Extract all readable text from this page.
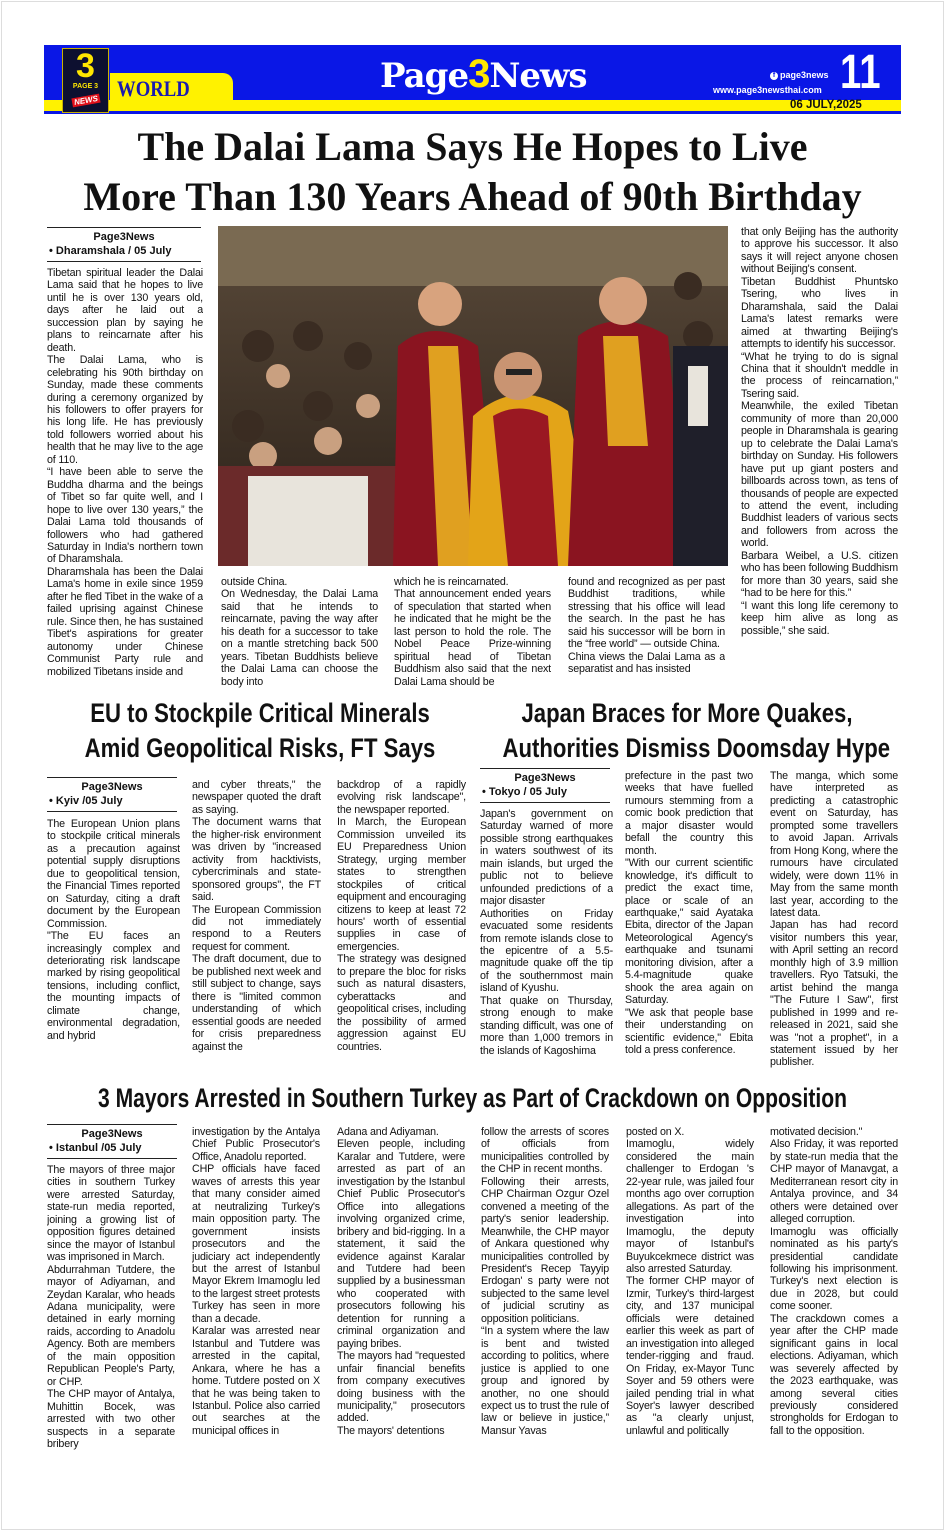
WORLD
3
PAGE 3
NEWS
Page3News	f page3news
www.page3newsthai.com 11
06 JULY,2025
The Dalai Lama Says He Hopes to Live
More Than 130 Years Ahead of 90th Birthday
Page3News
• Dharamshala / 05 July

Tibetan spiritual leader the Dalai Lama said that he hopes to live until he is over 130 years old, days after he laid out a succession plan by saying he plans to reincarnate after his death.

The Dalai Lama, who is celebrating his 90th birthday on Sunday, made these comments during a ceremony organized by his followers to offer prayers for his long life. He has previously told followers worried about his health that he may live to the age of 110.

“I have been able to serve the Buddha dharma and the beings of Tibet so far quite well, and I hope to live over 130 years,” the Dalai Lama told thousands of followers who had gathered Saturday in India's northern town of Dharamshala.

Dharamshala has been the Dalai Lama's home in exile since 1959 after he fled Tibet in the wake of a failed uprising against Chinese rule. Since then, he has sustained Tibet's aspirations for greater autonomy under Chinese Communist Party rule and mobilized Tibetans inside and

outside China.

On Wednesday, the Dalai Lama said that he intends to reincarnate, paving the way after his death for a successor to take on a mantle stretching back 500 years. Tibetan Buddhists believe the Dalai Lama can choose the body into

which he is reincarnated.

That announcement ended years of speculation that started when he indicated that he might be the last person to hold the role. The Nobel Peace Prize-winning spiritual head of Tibetan Buddhism also said that the next Dalai Lama should be

found and recognized as per past Buddhist traditions, while stressing that his office will lead the search. In the past he has said his successor will be born in the “free world” — outside China.

China views the Dalai Lama as a separatist and has insisted

that only Beijing has the authority to approve his successor. It also says it will reject anyone chosen without Beijing's consent.

Tibetan Buddhist Phuntsko Tsering, who lives in Dharamshala, said the Dalai Lama's latest remarks were aimed at thwarting Beijing's attempts to identify his successor.

“What he trying to do is signal China that it shouldn't meddle in the process of reincarnation,” Tsering said.

Meanwhile, the exiled Tibetan community of more than 20,000 people in Dharamshala is gearing up to celebrate the Dalai Lama's birthday on Sunday. His followers have put up giant posters and billboards across town, as tens of thousands of people are expected to attend the event, including Buddhist leaders of various sects and followers from across the world.

Barbara Weibel, a U.S. citizen who has been following Buddhism for more than 30 years, said she “had to be here for this.”

“I want this long life ceremony to keep him alive as long as possible,” she said.

EU to Stockpile Critical Minerals
Amid Geopolitical Risks, FT Says
Page3News
• Kyiv /05 July

The European Union plans to stockpile critical minerals as a precaution against potential supply disruptions due to geopolitical tension, the Financial Times reported on Saturday, citing a draft document by the European Commission.

"The EU faces an increasingly complex and deteriorating risk landscape marked by rising geopolitical tensions, including conflict, the mounting impacts of climate change, environmental degradation, and hybrid

and cyber threats," the newspaper quoted the draft as saying.

The document warns that the higher-risk environment was driven by "increased activity from hacktivists, cybercriminals and state-sponsored groups", the FT said.

The European Commission did not immediately respond to a Reuters request for comment.

The draft document, due to be published next week and still subject to change, says there is "limited common understanding of which essential goods are needed for crisis preparedness against the

backdrop of a rapidly evolving risk landscape", the newspaper reported.

In March, the European Commission unveiled its EU Preparedness Union Strategy, urging member states to strengthen stockpiles of critical equipment and encouraging citizens to keep at least 72 hours' worth of essential supplies in case of emergencies.

The strategy was designed to prepare the bloc for risks such as natural disasters, cyberattacks and geopolitical crises, including the possibility of armed aggression against EU countries.

Japan Braces for More Quakes,
Authorities Dismiss Doomsday Hype
Page3News
• Tokyo / 05 July

Japan's government on Saturday warned of more possible strong earthquakes in waters southwest of its main islands, but urged the public not to believe unfounded predictions of a major disaster

Authorities on Friday evacuated some residents from remote islands close to the epicentre of a 5.5-magnitude quake off the tip of the southernmost main island of Kyushu.

That quake on Thursday, strong enough to make standing difficult, was one of more than 1,000 tremors in the islands of Kagoshima

prefecture in the past two weeks that have fuelled rumours stemming from a comic book prediction that a major disaster would befall the country this month.

"With our current scientific knowledge, it's difficult to predict the exact time, place or scale of an earthquake," said Ayataka Ebita, director of the Japan Meteorological Agency's earthquake and tsunami monitoring division, after a 5.4-magnitude quake shook the area again on Saturday.

"We ask that people base their understanding on scientific evidence," Ebita told a press conference.

The manga, which some have interpreted as predicting a catastrophic event on Saturday, has prompted some travellers to avoid Japan. Arrivals from Hong Kong, where the rumours have circulated widely, were down 11% in May from the same month last year, according to the latest data.

Japan has had record visitor numbers this year, with April setting an record monthly high of 3.9 million travellers. Ryo Tatsuki, the artist behind the manga "The Future I Saw", first published in 1999 and re-released in 2021, said she was "not a prophet", in a statement issued by her publisher.

3 Mayors Arrested in Southern Turkey as Part of Crackdown on Opposition
Page3News
• Istanbul /05 July

The mayors of three major cities in southern Turkey were arrested Saturday, state-run media reported, joining a growing list of opposition figures detained since the mayor of Istanbul was imprisoned in March.

Abdurrahman Tutdere, the mayor of Adiyaman, and Zeydan Karalar, who heads Adana municipality, were detained in early morning raids, according to Anadolu Agency. Both are members of the main opposition Republican People's Party, or CHP.

The CHP mayor of Antalya, Muhittin Bocek, was arrested with two other suspects in a separate bribery

investigation by the Antalya Chief Public Prosecutor's Office, Anadolu reported.

CHP officials have faced waves of arrests this year that many consider aimed at neutralizing Turkey's main opposition party. The government insists prosecutors and the judiciary act independently but the arrest of Istanbul Mayor Ekrem Imamoglu led to the largest street protests Turkey has seen in more than a decade.

Karalar was arrested near Istanbul and Tutdere was arrested in the capital, Ankara, where he has a home. Tutdere posted on X that he was being taken to Istanbul. Police also carried out searches at the municipal offices in

Adana and Adiyaman.

Eleven people, including Karalar and Tutdere, were arrested as part of an investigation by the Istanbul Chief Public Prosecutor's Office into allegations involving organized crime, bribery and bid-rigging. In a statement, it said the evidence against Karalar and Tutdere had been supplied by a businessman who cooperated with prosecutors following his detention for running a criminal organization and paying bribes.

The mayors had "requested unfair financial benefits from company executives doing business with the municipality," prosecutors added.

The mayors' detentions

follow the arrests of scores of officials from municipalities controlled by the CHP in recent months.

Following their arrests, CHP Chairman Ozgur Ozel convened a meeting of the party's senior leadership. Meanwhile, the CHP mayor of Ankara questioned why municipalities controlled by President's Recep Tayyip Erdogan' s party were not subjected to the same level of judicial scrutiny as opposition politicians.

“In a system where the law is bent and twisted according to politics, where justice is applied to one group and ignored by another, no one should expect us to trust the rule of law or believe in justice,” Mansur Yavas

posted on X.

Imamoglu, widely considered the main challenger to Erdogan 's 22-year rule, was jailed four months ago over corruption allegations. As part of the investigation into Imamoglu, the deputy mayor of Istanbul's Buyukcekmece district was also arrested Saturday.

The former CHP mayor of Izmir, Turkey's third-largest city, and 137 municipal officials were detained earlier this week as part of an investigation into alleged tender-rigging and fraud. On Friday, ex-Mayor Tunc Soyer and 59 others were jailed pending trial in what Soyer's lawyer described as "a clearly unjust, unlawful and politically

motivated decision."

Also Friday, it was reported by state-run media that the CHP mayor of Manavgat, a Mediterranean resort city in Antalya province, and 34 others were detained over alleged corruption.

Imamoglu was officially nominated as his party's presidential candidate following his imprisonment. Turkey's next election is due in 2028, but could come sooner.

The crackdown comes a year after the CHP made significant gains in local elections. Adiyaman, which was severely affected by the 2023 earthquake, was among several cities previously considered strongholds for Erdogan to fall to the opposition.
